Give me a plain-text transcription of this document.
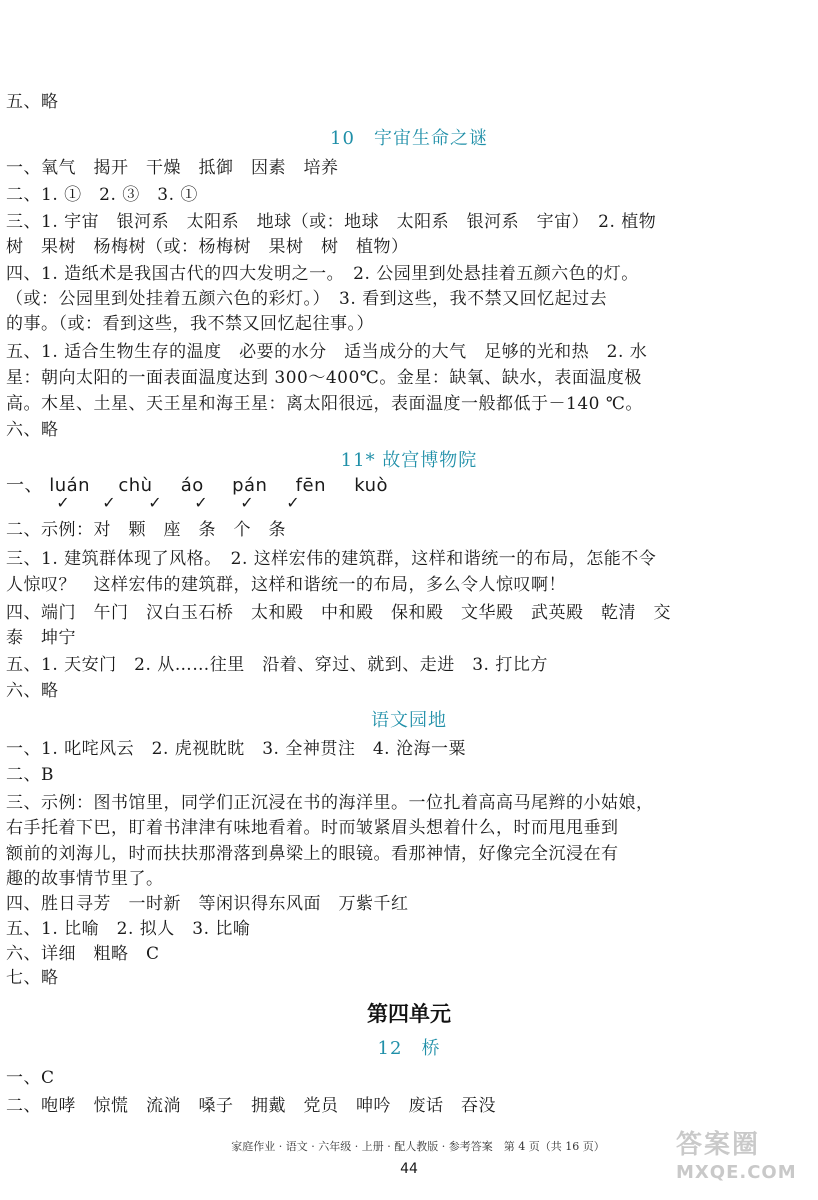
五、略
10　宇宙生命之谜
一、氧气　揭开　干燥　抵御　因素　培养
二、1. ①　2. ③　3. ①
三、1. 宇宙　银河系　太阳系　地球（或：地球　太阳系　银河系　宇宙）　2. 植物
树　果树　杨梅树（或：杨梅树　果树　树　植物）
四、1. 造纸术是我国古代的四大发明之一。　2. 公园里到处悬挂着五颜六色的灯。
（或：公园里到处挂着五颜六色的彩灯。）　3. 看到这些，我不禁又回忆起过去
的事。（或：看到这些，我不禁又回忆起往事。）
五、1. 适合生物生存的温度　必要的水分　适当成分的大气　足够的光和热　2. 水
星：朝向太阳的一面表面温度达到 300～400℃。金星：缺氧、缺水，表面温度极
高。木星、土星、天王星和海王星：离太阳很远，表面温度一般都低于－140 ℃。
六、略
11* 故宫博物院
一、 luán chù áo pán fēn kuò
✓ ✓ ✓ ✓ ✓ ✓
二、示例：对　颗　座　条　个　条
三、1. 建筑群体现了风格。　2. 这样宏伟的建筑群，这样和谐统一的布局，怎能不令
人惊叹？　这样宏伟的建筑群，这样和谐统一的布局，多么令人惊叹啊！
四、端门　午门　汉白玉石桥　太和殿　中和殿　保和殿　文华殿　武英殿　乾清　交
泰　坤宁
五、1. 天安门　2. 从……往里　沿着、穿过、就到、走进　3. 打比方
六、略
语文园地
一、1. 叱咤风云　2. 虎视眈眈　3. 全神贯注　4. 沧海一粟
二、B
三、示例：图书馆里，同学们正沉浸在书的海洋里。一位扎着高高马尾辫的小姑娘，
右手托着下巴，盯着书津津有味地看着。时而皱紧眉头想着什么，时而甩甩垂到
额前的刘海儿，时而扶扶那滑落到鼻梁上的眼镜。看那神情，好像完全沉浸在有
趣的故事情节里了。
四、胜日寻芳　一时新　等闲识得东风面　万紫千红
五、1. 比喻　2. 拟人　3. 比喻
六、详细　粗略　C
七、略
第四单元
12　桥
一、C
二、咆哮　惊慌　流淌　嗓子　拥戴　党员　呻吟　废话　吞没
家庭作业 · 语文 · 六年级 · 上册 · 配人教版 · 参考答案　第 4 页（共 16 页）
44
答案圈
MXQE.COM
